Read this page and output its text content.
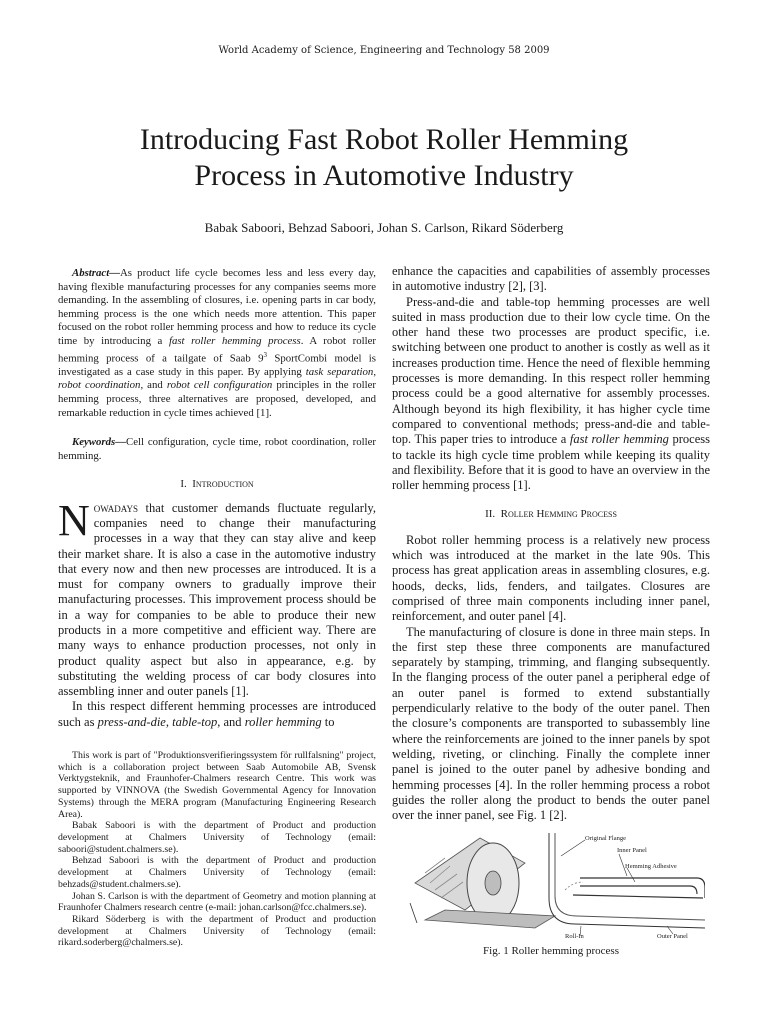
World Academy of Science, Engineering and Technology 58 2009
Introducing Fast Robot Roller Hemming
Process in Automotive Industry
Babak Saboori, Behzad Saboori, Johan S. Carlson, Rikard Söderberg

Abstract—As product life cycle becomes less and less every day, having flexible manufacturing processes for any companies seems more demanding. In the assembling of closures, i.e. opening parts in car body, hemming process is the one which needs more attention. This paper focused on the robot roller hemming process and how to reduce its cycle time by introducing a fast roller hemming process. A robot roller hemming process of a tailgate of Saab $9^3$ SportCombi model is investigated as a case study in this paper. By applying task separation, robot coordination, and robot cell configuration principles in the roller hemming process, three alternatives are proposed, developed, and remarkable reduction in cycle times achieved [1].

Keywords—Cell configuration, cycle time, robot coordination, roller hemming.

I. Introduction

Nowadays that customer demands fluctuate regularly, companies need to change their manufacturing processes in a way that they can stay alive and keep their market share. It is also a case in the automotive industry that every now and then new processes are introduced. It is a must for company owners to gradually improve their manufacturing processes. This improvement process should be in a way for companies to be able to produce their new products in a more competitive and efficient way. There are many ways to enhance production processes, not only in product quality aspect but also in appearance, e.g. by substituting the welding process of car body closures into assembling inner and outer panels [1].

In this respect different hemming processes are introduced such as press-and-die, table-top, and roller hemming to

This work is part of "Produktionsverifieringssystem för rullfalsning" project, which is a collaboration project between Saab Automobile AB, Svensk Verktygsteknik, and Fraunhofer-Chalmers research Centre. This work was supported by VINNOVA (the Swedish Governmental Agency for Innovation Systems) through the MERA program (Manufacturing Engineering Research Area).

Babak Saboori is with the department of Product and production development at Chalmers University of Technology (email: saboori@student.chalmers.se).

Behzad Saboori is with the department of Product and production development at Chalmers University of Technology (email: behzads@student.chalmers.se).

Johan S. Carlson is with the department of Geometry and motion planning at Fraunhofer Chalmers research centre (e-mail: johan.carlson@fcc.chalmers.se).

Rikard Söderberg is with the department of Product and production development at Chalmers University of Technology (email: rikard.soderberg@chalmers.se).

enhance the capacities and capabilities of assembly processes in automotive industry [2], [3].

Press-and-die and table-top hemming processes are well suited in mass production due to their low cycle time. On the other hand these two processes are product specific, i.e. switching between one product to another is costly as well as it increases production time. Hence the need of flexible hemming processes is more demanding. In this respect roller hemming process could be a good alternative for assembly processes. Although beyond its high flexibility, it has higher cycle time compared to conventional methods; press-and-die and table-top. This paper tries to introduce a fast roller hemming process to tackle its high cycle time problem while keeping its quality and flexibility. Before that it is good to have an overview in the roller hemming process [1].

II. Roller Hemming Process

Robot roller hemming process is a relatively new process which was introduced at the market in the late 90s. This process has great application areas in assembling closures, e.g. hoods, decks, lids, fenders, and tailgates. Closures are comprised of three main components including inner panel, reinforcement, and outer panel [4].

The manufacturing of closure is done in three main steps. In the first step these three components are manufactured separately by stamping, trimming, and flanging subsequently. In the flanging process of the outer panel a peripheral edge of an outer panel is formed to extend substantially perpendicularly relative to the body of the outer panel. Then the closure’s components are transported to subassembly line where the reinforcements are joined to the inner panels by spot welding, riveting, or clinching. Finally the complete inner panel is joined to the outer panel by adhesive bonding and hemming processes [4]. In the roller hemming process a robot guides the roller along the product to bends the outer panel over the inner panel, see Fig. 1 [2].

Original Flange
Inner Panel
Hemming Adhesive
Roll-In	Outer Panel
Fig. 1 Roller hemming process
